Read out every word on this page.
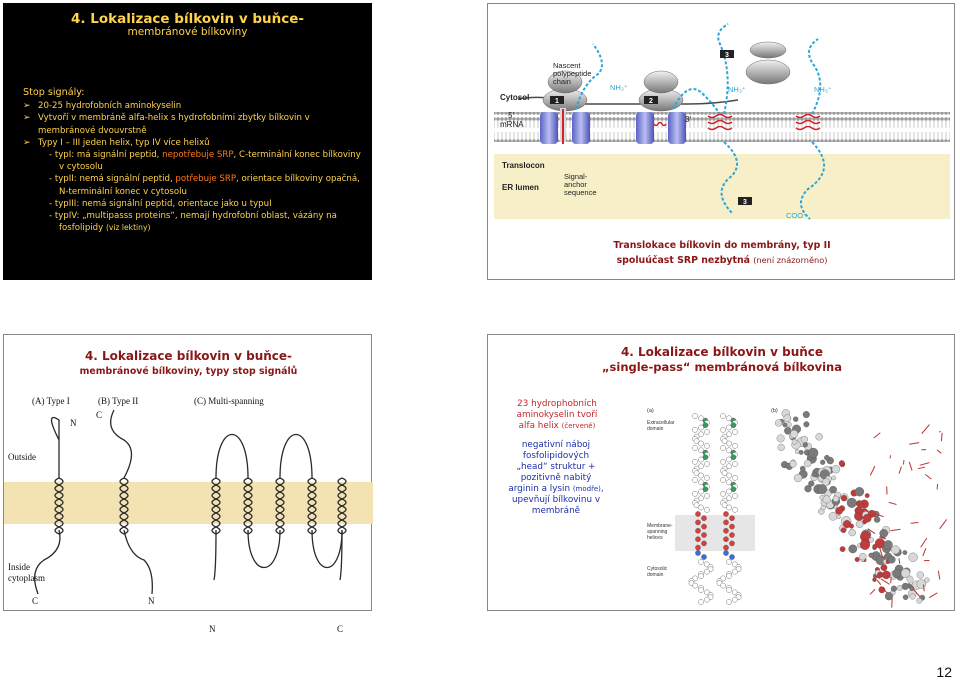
4. Lokalizace bílkovin v buňce-
membránové bílkoviny
Stop signály:
➢ 20-25 hydrofobních aminokyselin
➢ Vytvoří v membráně alfa-helix s hydrofobními zbytky bílkovin v membránové dvouvrstně
➢ Typy I – III jeden helix, typ IV více helixů
- typI: má signální peptid, nepotřebuje SRP, C-terminální konec bílkoviny v cytosolu
- typII: nemá signální peptid, potřebuje SRP, orientace bílkoviny opačná, N-terminální konec v cytosolu
- typIII: nemá signální peptid, orientace jako u typuI
- typIV: „multipasss proteins“, nemají hydrofobní oblast, vázány na fosfolipidy (viz lektiny)
1	2
3
3
Nascent
polypeptide
chain
Cytosol
5'
mRNA
3'
Translocon
ER lumen
Signal-
anchor
sequence
NH₃⁺	NH₃⁺	NH₃⁺
COO⁻
Translokace bílkovin do membrány, typ II
spoluúčast SRP nezbytná (není znázorněno)
4. Lokalizace bílkovin v buňce-
membránové bílkoviny, typy stop signálů
(A) Type I	(B) Type II	(C) Multi-spanning
Outside
Inside
cytoplasm
N
C
C
N
N	C
4. Lokalizace bílkovin v buňce
„single-pass“ membránová bílkovina
23 hydrophobních aminokyselin tvoří alfa helix (červeně)
negativní náboj fosfolipidových „head“ struktur + pozitivně nabitý arginin a lysin (modře), upevňují bílkovinu v membráně
(a)	(b)
Extracellular
domain
Membrane-
spanning
helices
Cytosolic
domain
12
